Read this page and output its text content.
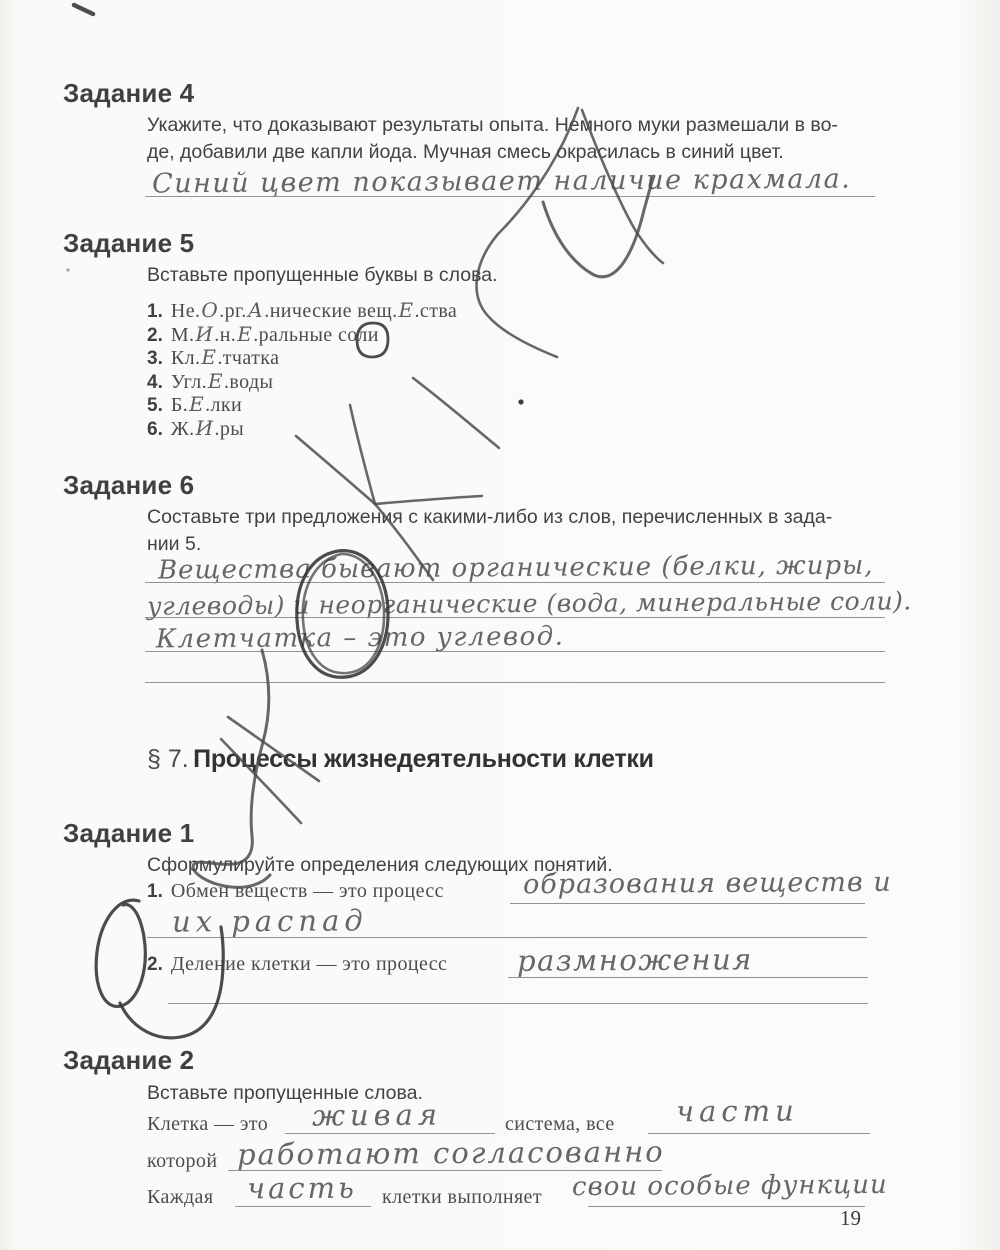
Задание 4
Укажите, что доказывают результаты опыта. Немного муки размешали в во-
де, добавили две капли йода. Мучная смесь окрасилась в синий цвет.
Синий цвет показывает наличие крахмала.
Задание 5
Вставьте пропущенные буквы в слова.
1. Не.О.рг.А.нические вещ.Е.ства
2. М.И.н.Е.ральные соли
3. Кл.Е.тчатка
4. Угл.Е.воды
5. Б.Е.лки
6. Ж.И.ры
Задание 6
Составьте три предложения с какими-либо из слов, перечисленных в зада-
нии 5.
Вещества бывают органические (белки, жиры,
углеводы) и неорганические (вода, минеральные соли).
Клетчатка – это углевод.
§ 7. Процессы жизнедеятельности клетки
Задание 1
Сформулируйте определения следующих понятий.
1. Обмен веществ — это процесс	образования веществ и
их распад
2. Деление клетки — это процесс размножения
Задание 2
Вставьте пропущенные слова.
Клетка — это живая	система, все части
которой работают согласованно
Каждая часть клетки выполняет свои особые функции
19
